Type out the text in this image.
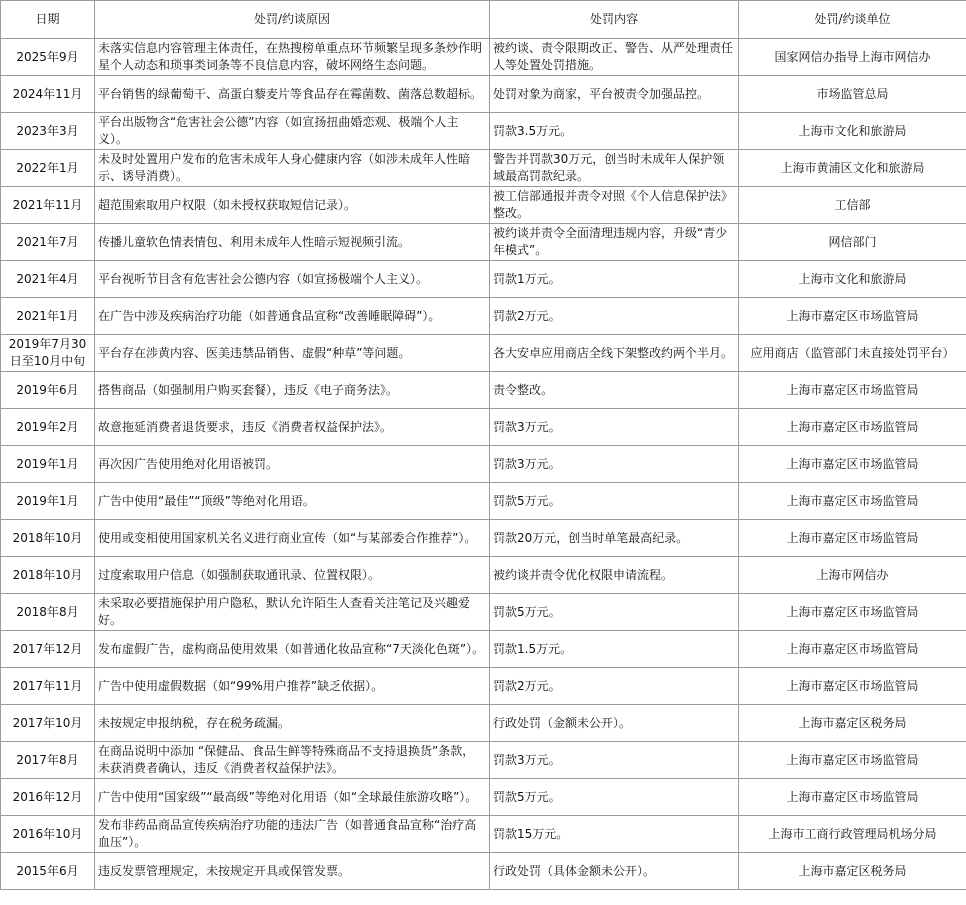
日期	处罚/约谈原因	处罚内容	处罚/约谈单位
2025年9月	未落实信息内容管理主体责任，在热搜榜单重点环节频繁呈现多条炒作明星个人动态和琐事类词条等不良信息内容，破坏网络生态问题。	被约谈、责令限期改正、警告、从严处理责任人等处置处罚措施。	国家网信办指导上海市网信办
2024年11月	平台销售的绿葡萄干、高蛋白藜麦片等食品存在霉菌数、菌落总数超标。	处罚对象为商家，平台被责令加强品控。	市场监管总局
2023年3月	平台出版物含“危害社会公德”内容（如宣扬扭曲婚恋观、极端个人主义）。	罚款3.5万元。	上海市文化和旅游局
2022年1月	未及时处置用户发布的危害未成年人身心健康内容（如涉未成年人性暗示、诱导消费）。	警告并罚款30万元，创当时未成年人保护领域最高罚款纪录。	上海市黄浦区文化和旅游局
2021年11月	超范围索取用户权限（如未授权获取短信记录）。	被工信部通报并责令对照《个人信息保护法》整改。	工信部
2021年7月	传播儿童软色情表情包、利用未成年人性暗示短视频引流。	被约谈并责令全面清理违规内容，升级“青少年模式”。	网信部门
2021年4月	平台视听节目含有危害社会公德内容（如宣扬极端个人主义）。	罚款1万元。	上海市文化和旅游局
2021年1月	在广告中涉及疾病治疗功能（如普通食品宣称“改善睡眠障碍”）。	罚款2万元。	上海市嘉定区市场监管局
2019年7月30日至10月中旬	平台存在涉黄内容、医美违禁品销售、虚假“种草”等问题。	各大安卓应用商店全线下架整改约两个半月。	应用商店（监管部门未直接处罚平台）
2019年6月	搭售商品（如强制用户购买套餐），违反《电子商务法》。	责令整改。	上海市嘉定区市场监管局
2019年2月	故意拖延消费者退货要求，违反《消费者权益保护法》。	罚款3万元。	上海市嘉定区市场监管局
2019年1月	再次因广告使用绝对化用语被罚。	罚款3万元。	上海市嘉定区市场监管局
2019年1月	广告中使用“最佳”“顶级”等绝对化用语。	罚款5万元。	上海市嘉定区市场监管局
2018年10月	使用或变相使用国家机关名义进行商业宣传（如“与某部委合作推荐”）。	罚款20万元，创当时单笔最高纪录。	上海市嘉定区市场监管局
2018年10月	过度索取用户信息（如强制获取通讯录、位置权限）。	被约谈并责令优化权限申请流程。	上海市网信办
2018年8月	未采取必要措施保护用户隐私，默认允许陌生人查看关注笔记及兴趣爱好。	罚款5万元。	上海市嘉定区市场监管局
2017年12月	发布虚假广告，虚构商品使用效果（如普通化妆品宣称“7天淡化色斑”）。	罚款1.5万元。	上海市嘉定区市场监管局
2017年11月	广告中使用虚假数据（如“99%用户推荐”缺乏依据）。	罚款2万元。	上海市嘉定区市场监管局
2017年10月	未按规定申报纳税，存在税务疏漏。	行政处罚（金额未公开）。	上海市嘉定区税务局
2017年8月	在商品说明中添加 “保健品、食品生鲜等特殊商品不支持退换货”条款，未获消费者确认，违反《消费者权益保护法》。	罚款3万元。	上海市嘉定区市场监管局
2016年12月	广告中使用“国家级”“最高级”等绝对化用语（如“全球最佳旅游攻略”）。	罚款5万元。	上海市嘉定区市场监管局
2016年10月	发布非药品商品宣传疾病治疗功能的违法广告（如普通食品宣称“治疗高血压”）。	罚款15万元。	上海市工商行政管理局机场分局
2015年6月	违反发票管理规定，未按规定开具或保管发票。	行政处罚（具体金额未公开）。	上海市嘉定区税务局
